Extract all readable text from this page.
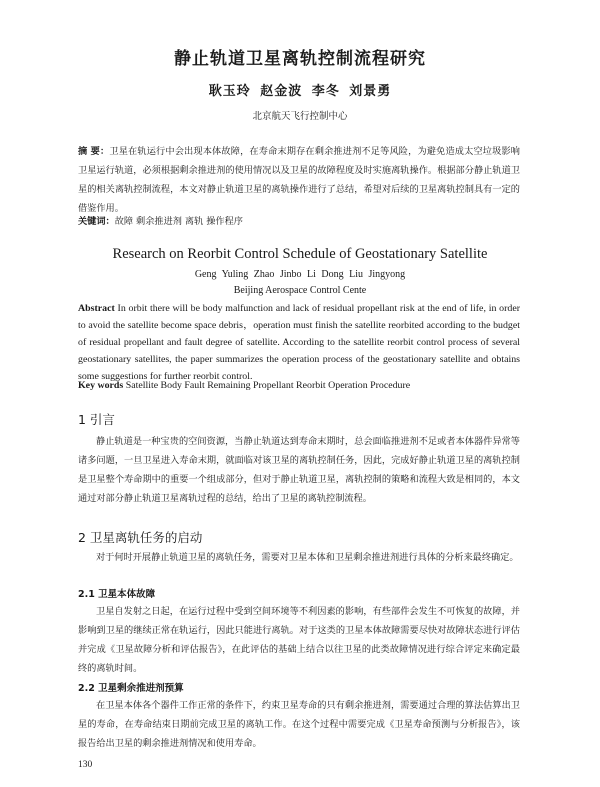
静止轨道卫星离轨控制流程研究
耿玉玲 赵金波 李冬 刘景勇
北京航天飞行控制中心
摘 要：卫星在轨运行中会出现本体故障，在寿命末期存在剩余推进剂不足等风险，为避免造成太空垃圾影响卫星运行轨道，必须根据剩余推进剂的使用情况以及卫星的故障程度及时实施离轨操作。根据部分静止轨道卫星的相关离轨控制流程，本文对静止轨道卫星的离轨操作进行了总结，希望对后续的卫星离轨控制具有一定的借鉴作用。
关键词：故障 剩余推进剂 离轨 操作程序
Research on Reorbit Control Schedule of Geostationary Satellite
Geng Yuling Zhao Jinbo Li Dong Liu Jingyong
Beijing Aerospace Control Cente
Abstract In orbit there will be body malfunction and lack of residual propellant risk at the end of life, in order to avoid the satellite become space debris，operation must finish the satellite reorbited according to the budget of residual propellant and fault degree of satellite. According to the satellite reorbit control process of several geostationary satellites, the paper summarizes the operation process of the geostationary satellite and obtains some suggestions for further reorbit control.
Key words Satellite Body Fault Remaining Propellant Reorbit Operation Procedure
1 引言
静止轨道是一种宝贵的空间资源，当静止轨道达到寿命末期时，总会面临推进剂不足或者本体器件异常等诸多问题，一旦卫星进入寿命末期，就面临对该卫星的离轨控制任务，因此，完成好静止轨道卫星的离轨控制是卫星整个寿命期中的重要一个组成部分，但对于静止轨道卫星，离轨控制的策略和流程大致是相同的，本文通过对部分静止轨道卫星离轨过程的总结，给出了卫星的离轨控制流程。
2 卫星离轨任务的启动
对于何时开展静止轨道卫星的离轨任务，需要对卫星本体和卫星剩余推进剂进行具体的分析来最终确定。
2.1 卫星本体故障
卫星自发射之日起，在运行过程中受到空间环境等不利因素的影响，有些部件会发生不可恢复的故障，并影响到卫星的继续正常在轨运行，因此只能进行离轨。对于这类的卫星本体故障需要尽快对故障状态进行评估并完成《卫星故障分析和评估报告》，在此评估的基础上结合以往卫星的此类故障情况进行综合评定来确定最终的离轨时间。
2.2 卫星剩余推进剂预算
在卫星本体各个器件工作正常的条件下，约束卫星寿命的只有剩余推进剂，需要通过合理的算法估算出卫星的寿命，在寿命结束日期前完成卫星的离轨工作。在这个过程中需要完成《卫星寿命预测与分析报告》，该报告给出卫星的剩余推进剂情况和使用寿命。
130
